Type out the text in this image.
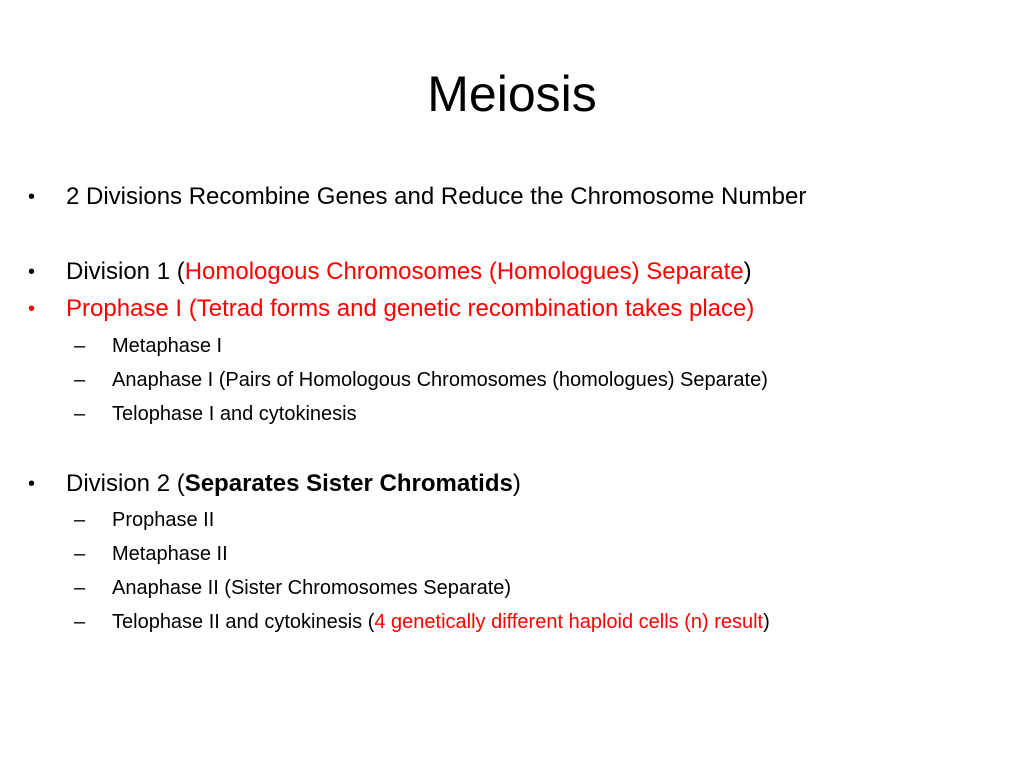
Meiosis
• 2 Divisions Recombine Genes and Reduce the Chromosome Number
• Division 1 (Homologous Chromosomes (Homologues) Separate)
• Prophase I (Tetrad forms and genetic recombination takes place)
– Metaphase I
– Anaphase I (Pairs of Homologous Chromosomes (homologues) Separate)
– Telophase I and cytokinesis
• Division 2 (Separates Sister Chromatids)
– Prophase II
– Metaphase II
– Anaphase II (Sister Chromosomes Separate)
– Telophase II and cytokinesis (4 genetically different haploid cells (n) result)
